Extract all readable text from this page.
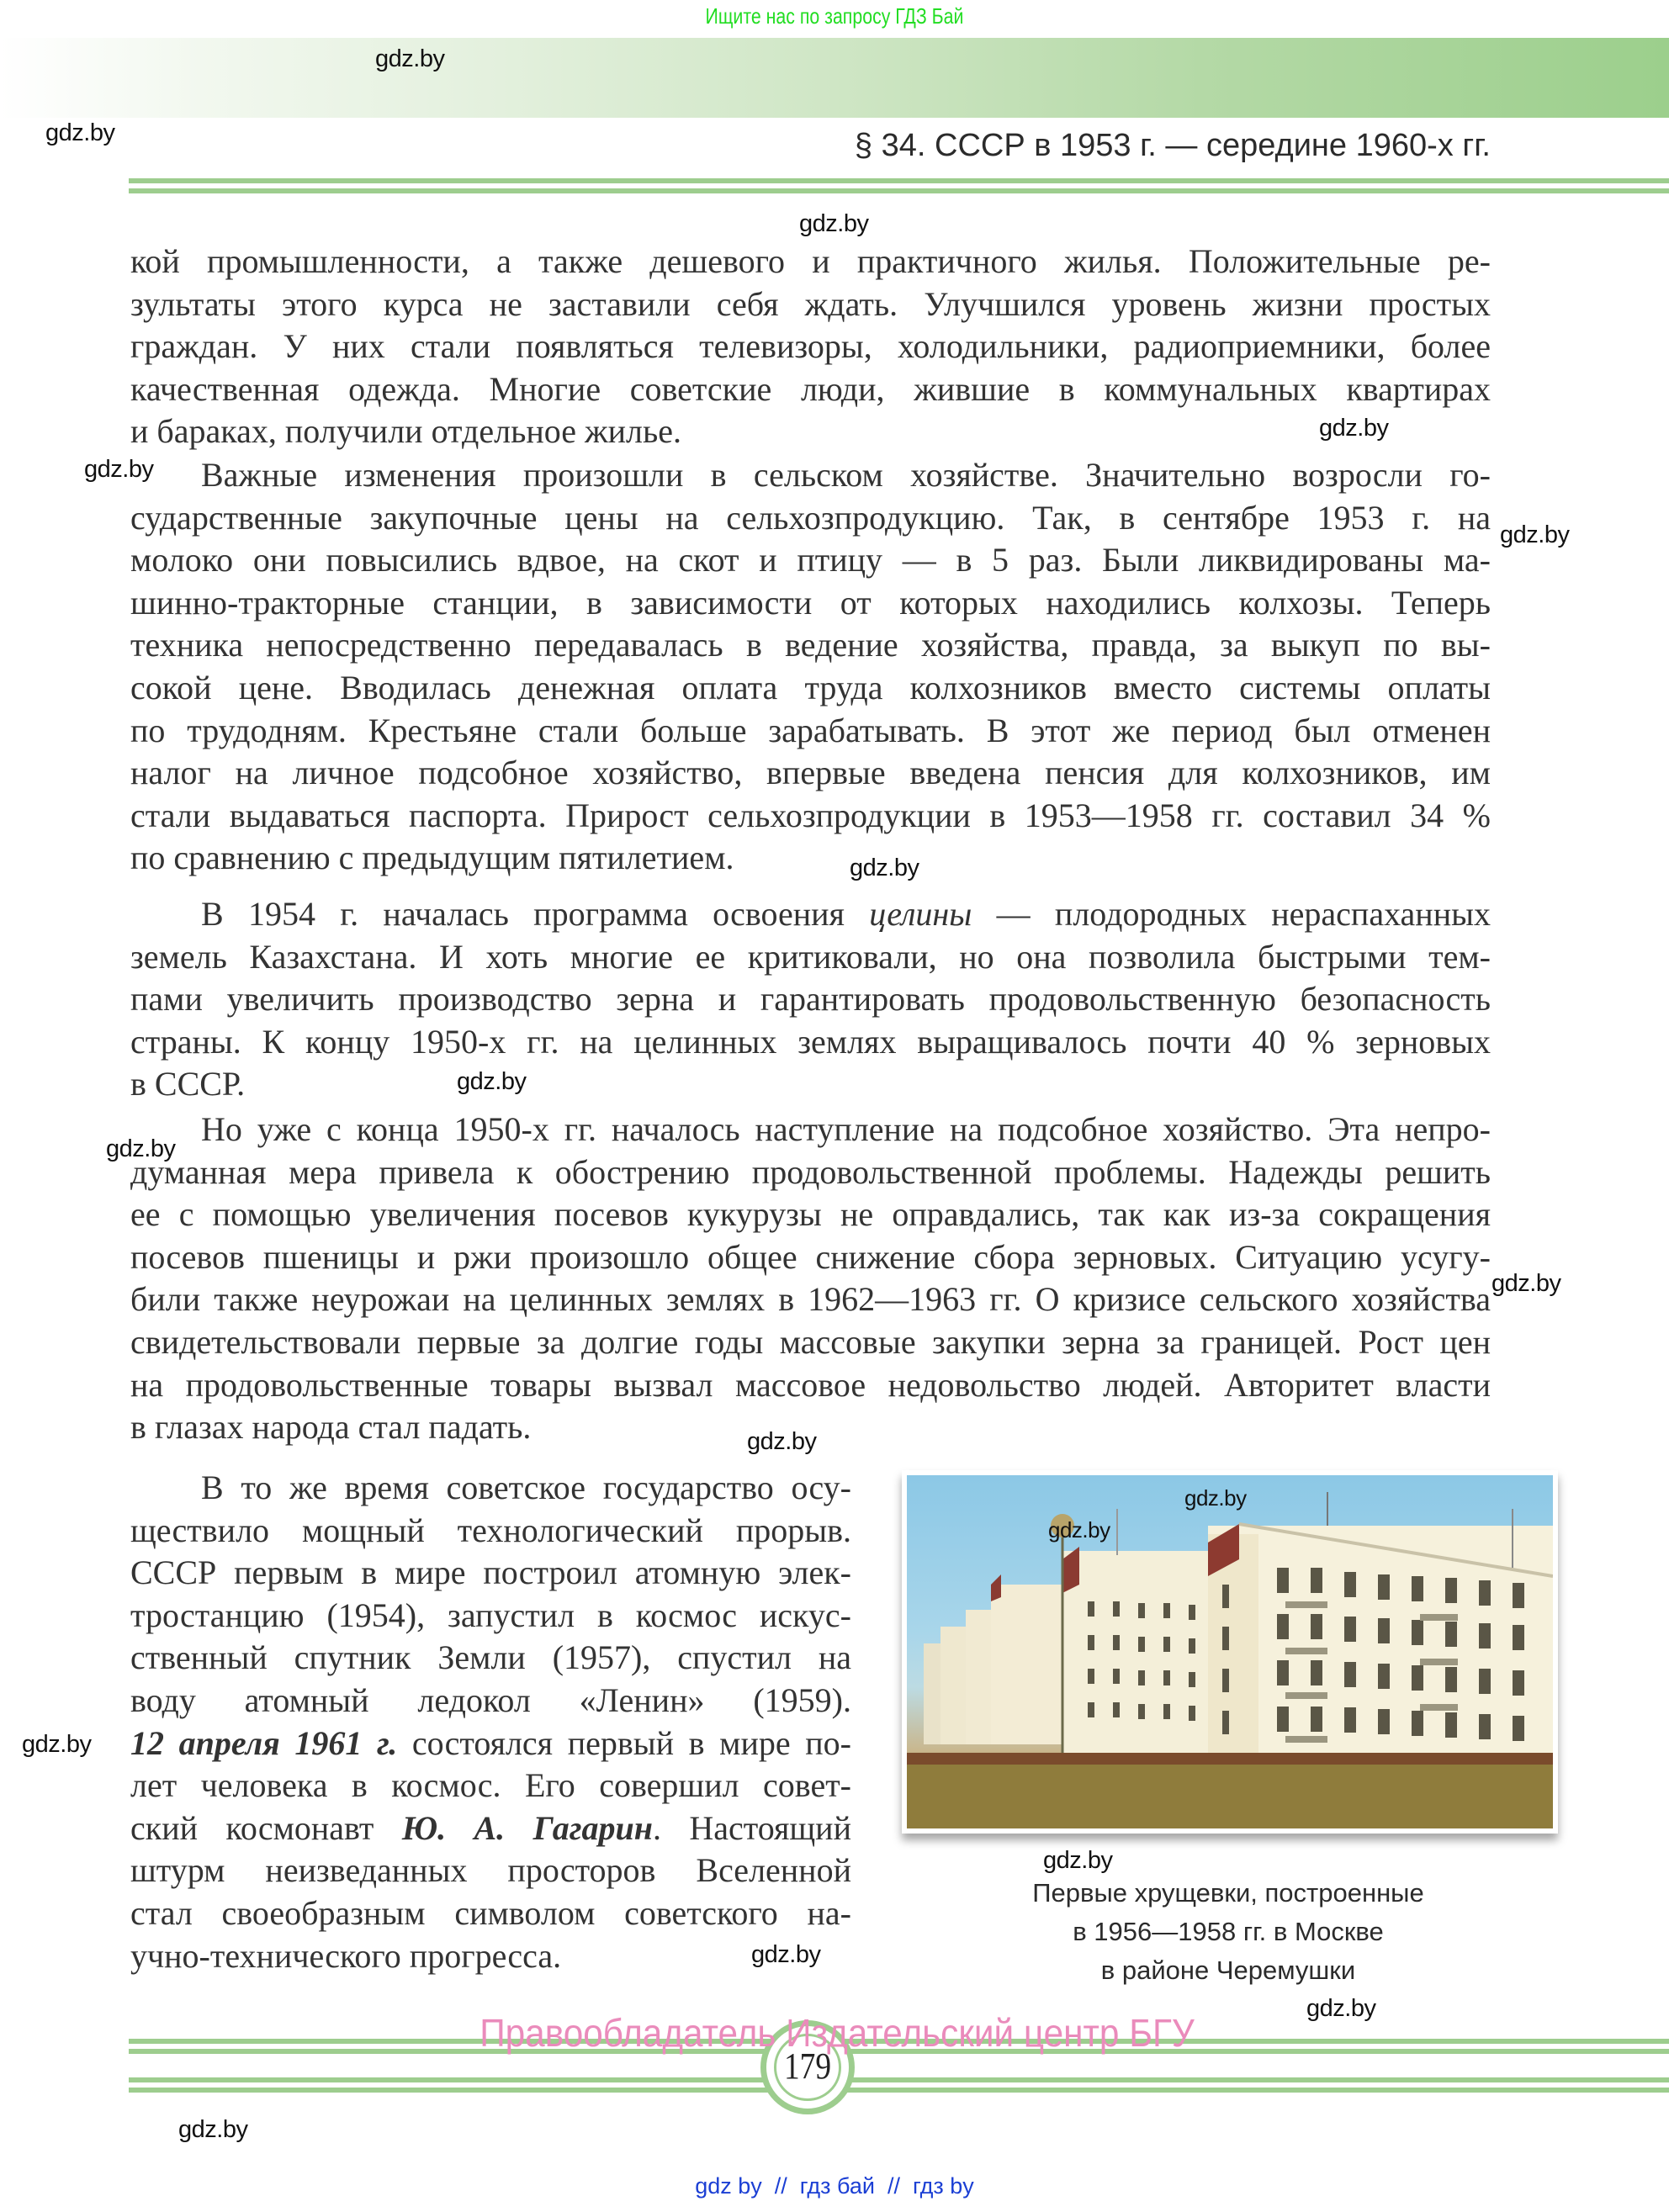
Ищите нас по запросу ГДЗ Бай
gdz.by
gdz.by	§ 34. СССР в 1953 г. — середине 1960-х гг.
gdz.by
кой промышленности, а также дешевого и практичного жилья. Положительные ре-
зультаты этого курса не заставили себя ждать. Улучшился уровень жизни простых
граждан. У них стали появляться телевизоры, холодильники, радиоприемники, более
качественная одежда. Многие советские люди, жившие в коммунальных квартирах
и бараках, получили отдельное жилье.	gdz.by
gdz.by	Важные изменения произошли в сельском хозяйстве. Значительно возросли го-
сударственные закупочные цены на сельхозпродукцию. Так, в сентябре 1953 г. на
молоко они повысились вдвое, на скот и птицу — в 5 раз. Были ликвидированы ма-
шинно-тракторные станции, в зависимости от которых находились колхозы. Теперь
техника непосредственно передавалась в ведение хозяйства, правда, за выкуп по вы-
сокой цене. Вводилась денежная оплата труда колхозников вместо системы оплаты
по трудодням. Крестьяне стали больше зарабатывать. В этот же период был отменен
налог на личное подсобное хозяйство, впервые введена пенсия для колхозников, им
стали выдаваться паспорта. Прирост сельхозпродукции в 1953—1958 гг. составил 34 %
по сравнению с предыдущим пятилетием.
gdz.by
gdz.by
В 1954 г. началась программа освоения целины — плодородных нераспаханных
земель Казахстана. И хоть многие ее критиковали, но она позволила быстрыми тем-
пами увеличить производство зерна и гарантировать продовольственную безопасность
страны. К концу 1950-х гг. на целинных землях выращивалось почти 40 % зерновых
в СССР.	gdz.by
gdz.by
Но уже с конца 1950-х гг. началось наступление на подсобное хозяйство. Эта непро-
думанная мера привела к обострению продовольственной проблемы. Надежды решить
ее с помощью увеличения посевов кукурузы не оправдались, так как из-за сокращения
посевов пшеницы и ржи произошло общее снижение сбора зерновых. Ситуацию усугу-
били также неурожаи на целинных землях в 1962—1963 гг. О кризисе сельского хозяйства
свидетельствовали первые за долгие годы массовые закупки зерна за границей. Рост цен
на продовольственные товары вызвал массовое недовольство людей. Авторитет власти
в глазах народа стал падать.
gdz.by
gdz.by
В то же время советское государство осу-
ществило мощный технологический прорыв.
СССР первым в мире построил атомную элек-
тростанцию (1954), запустил в космос искус-
ственный спутник Земли (1957), спустил на
воду атомный ледокол «Ленин» (1959).
12 апреля 1961 г. состоялся первый в мире по-
лет человека в космос. Его совершил совет-
ский космонавт Ю. А. Гагарин. Настоящий
штурм неизведанных просторов Вселенной
стал своеобразным символом советского на-
учно-технического прогресса.
gdz.by
gdz.by
gdz.by
gdz.by
gdz.by
Первые хрущевки, построенные
в 1956—1958 гг. в Москве
в районе Черемушки
gdz.by
179
Правообладатель Издательский центр БГУ
gdz.by
gdz by  //  гдз бай  //  гдз by
